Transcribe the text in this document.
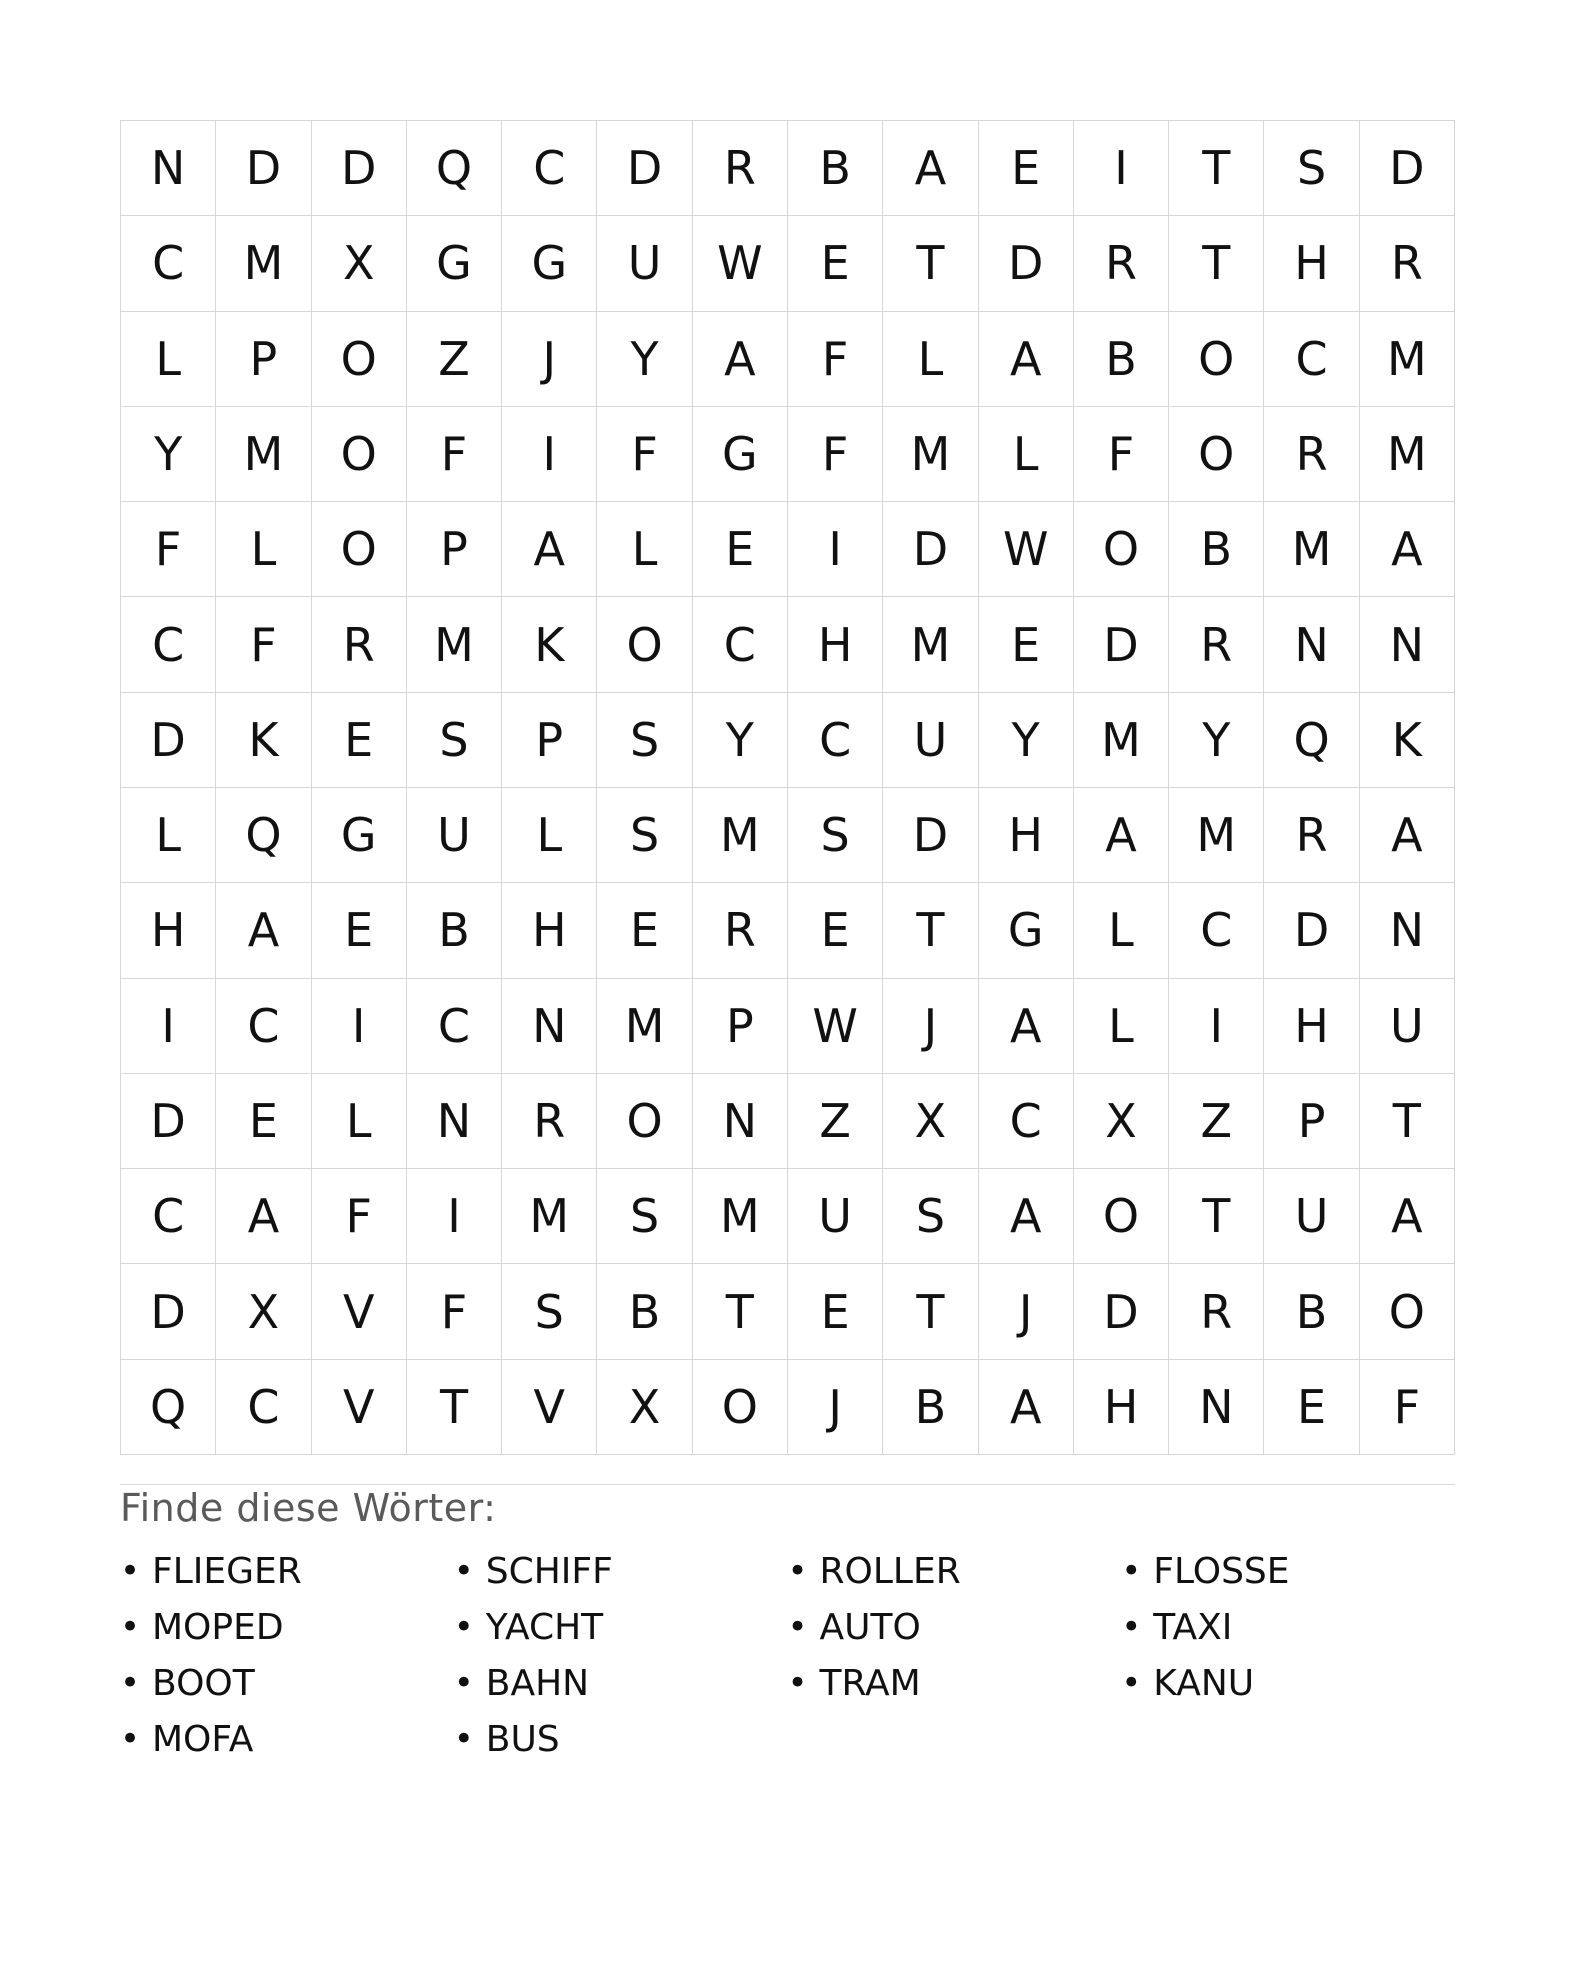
N	D	D	Q	C	D	R	B	A	E	I	T	S	D
C	M	X	G	G	U	W	E	T	D	R	T	H	R
L	P	O	Z	J	Y	A	F	L	A	B	O	C	M
Y	M	O	F	I	F	G	F	M	L	F	O	R	M
F	L	O	P	A	L	E	I	D	W	O	B	M	A
C	F	R	M	K	O	C	H	M	E	D	R	N	N
D	K	E	S	P	S	Y	C	U	Y	M	Y	Q	K
L	Q	G	U	L	S	M	S	D	H	A	M	R	A
H	A	E	B	H	E	R	E	T	G	L	C	D	N
I	C	I	C	N	M	P	W	J	A	L	I	H	U
D	E	L	N	R	O	N	Z	X	C	X	Z	P	T
C	A	F	I	M	S	M	U	S	A	O	T	U	A
D	X	V	F	S	B	T	E	T	J	D	R	B	O
Q	C	V	T	V	X	O	J	B	A	H	N	E	F
Finde diese Wörter:
• FLIEGER	• SCHIFF	• ROLLER	• FLOSSE
• MOPED	• YACHT	• AUTO	• TAXI
• BOOT	• BAHN	• TRAM	• KANU
• MOFA	• BUS
